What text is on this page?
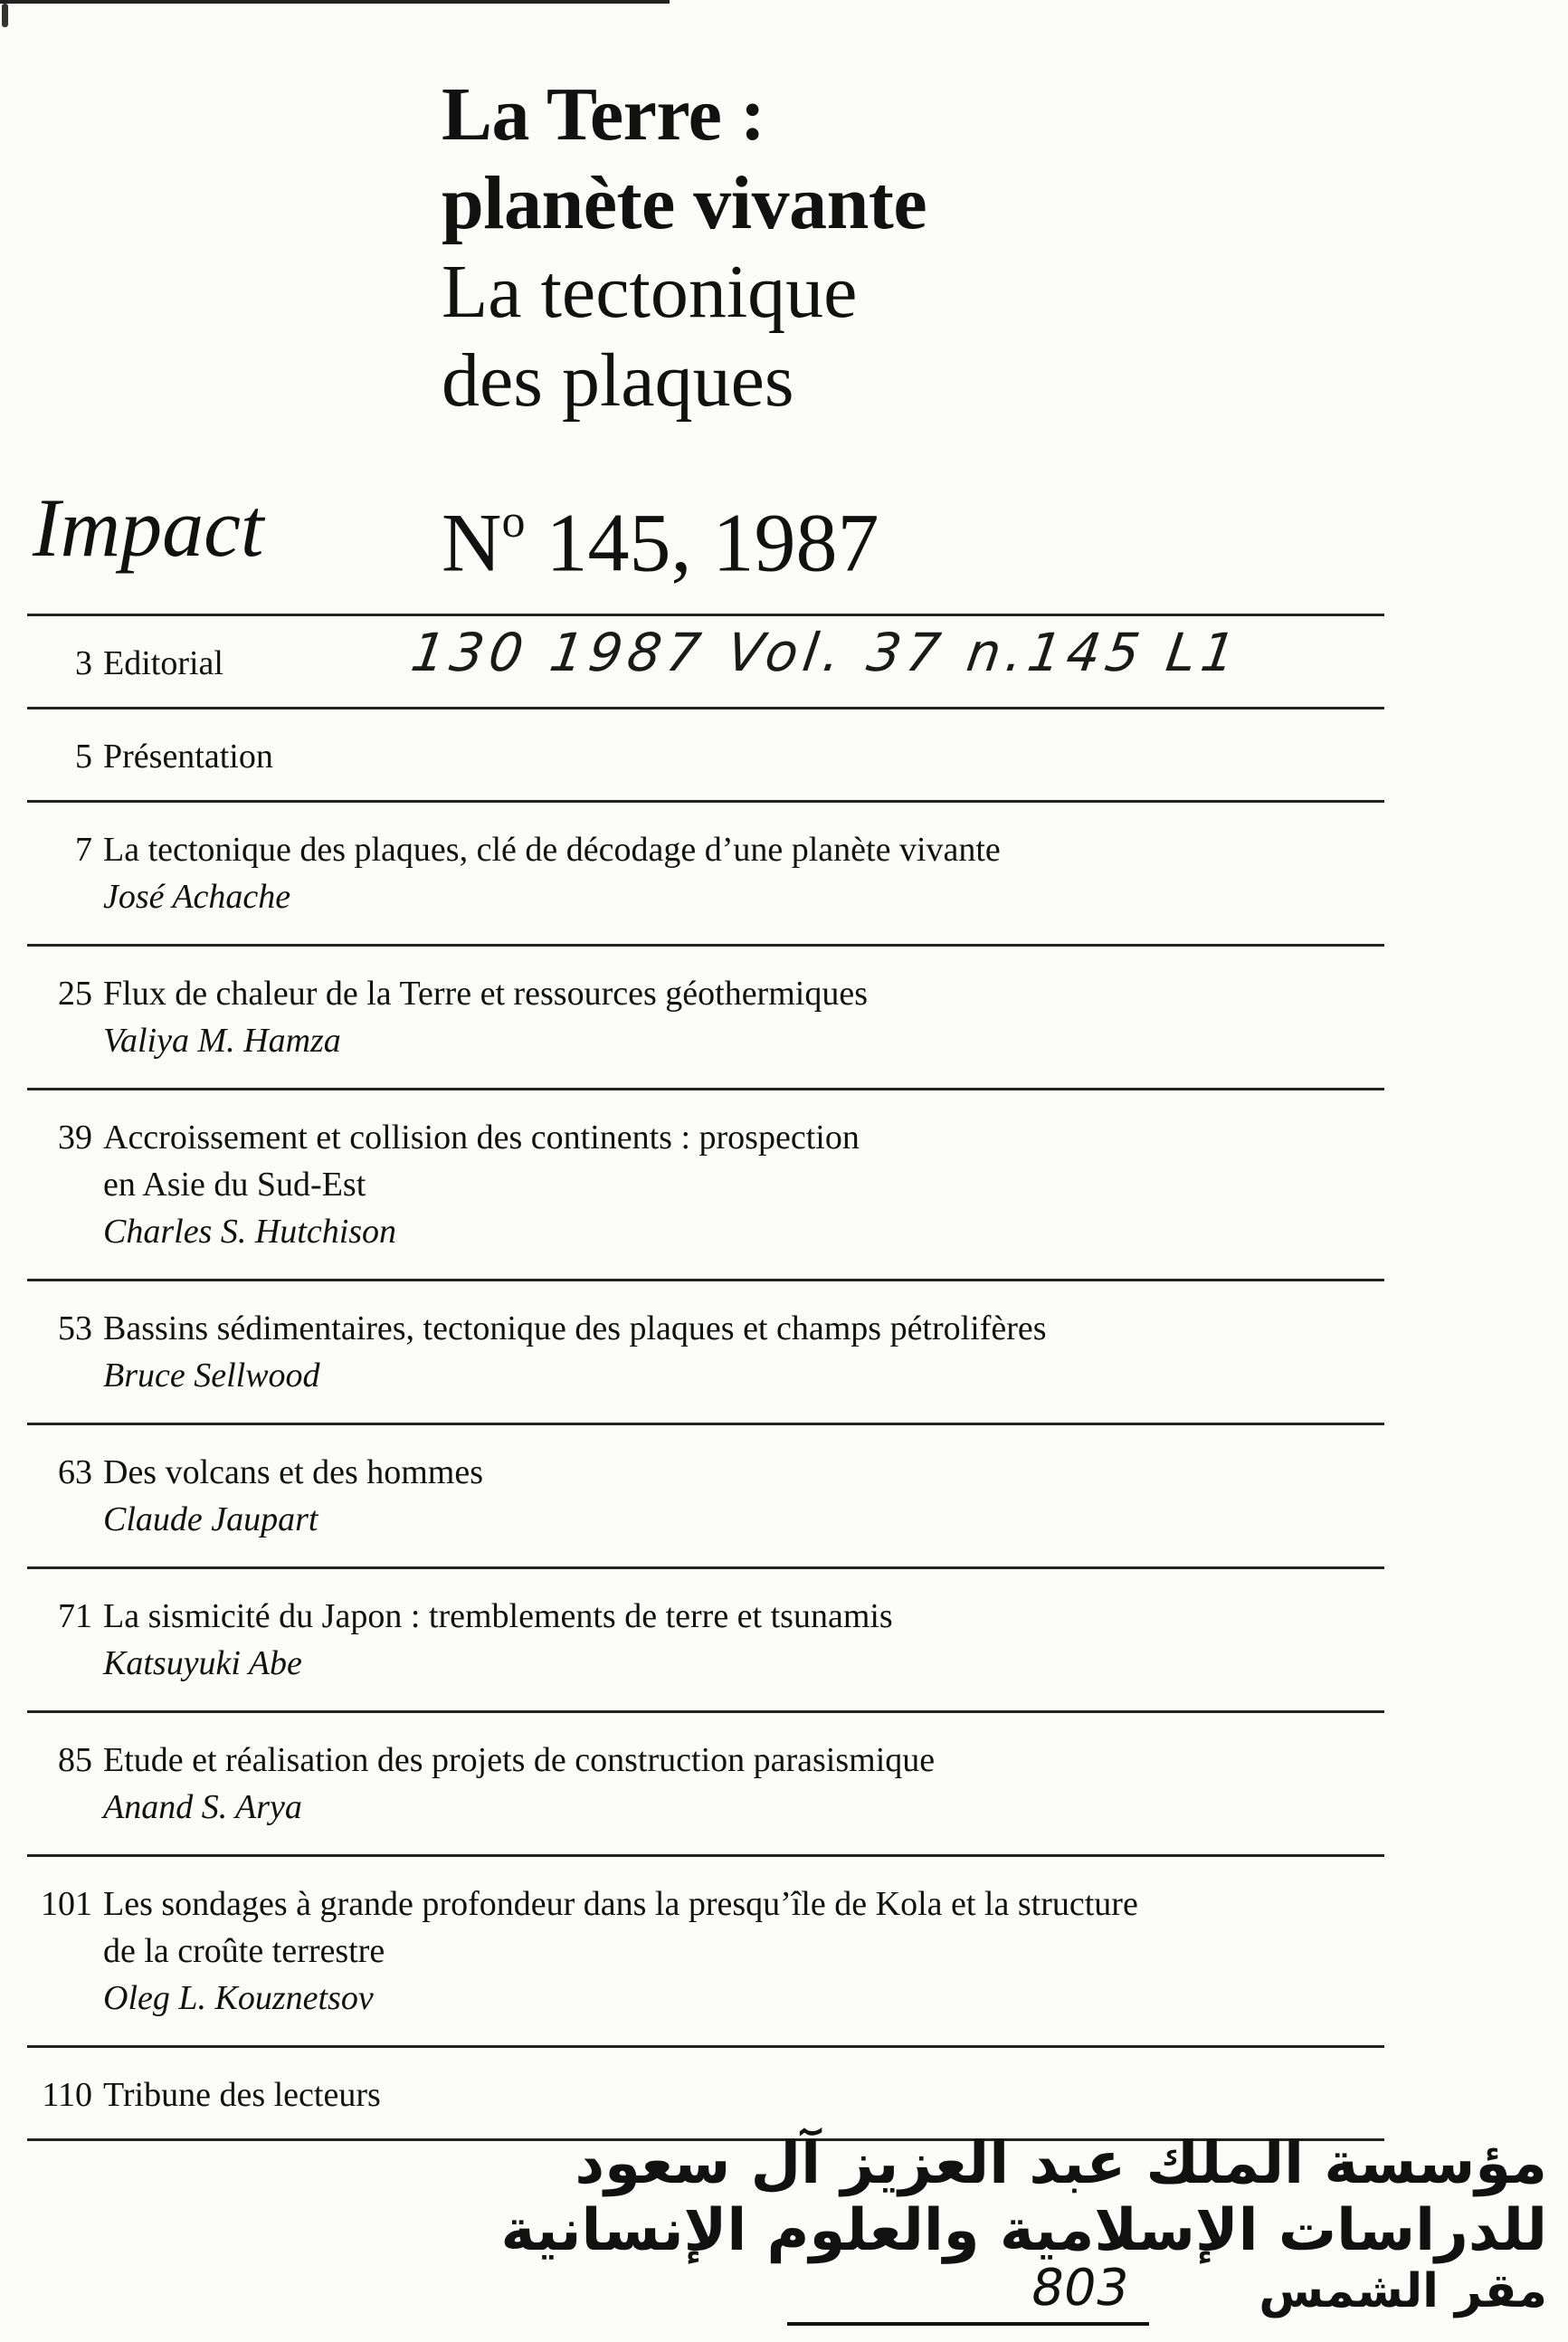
La Terre :
planète vivante
La tectonique
des plaques
Impact $N^o$ 145, 1987
3 Editorial	130 1987 Vol. 37 n.145 L1
5 Présentation
7 La tectonique des plaques, clé de décodage d’une planète vivante
José Achache
25 Flux de chaleur de la Terre et ressources géothermiques
Valiya M. Hamza
39 Accroissement et collision des continents : prospection
en Asie du Sud-Est
Charles S. Hutchison
53 Bassins sédimentaires, tectonique des plaques et champs pétrolifères
Bruce Sellwood
63 Des volcans et des hommes
Claude Jaupart
71 La sismicité du Japon : tremblements de terre et tsunamis
Katsuyuki Abe
85 Etude et réalisation des projets de construction parasismique
Anand S. Arya
101 Les sondages à grande profondeur dans la presqu’île de Kola et la structure
de la croûte terrestre
Oleg L. Kouznetsov
110 Tribune des lecteurs
مؤسسة الملك عبد العزيز آل سعود
للدراسات الإسلامية والعلوم الإنسانية
مقر الشمس
803
